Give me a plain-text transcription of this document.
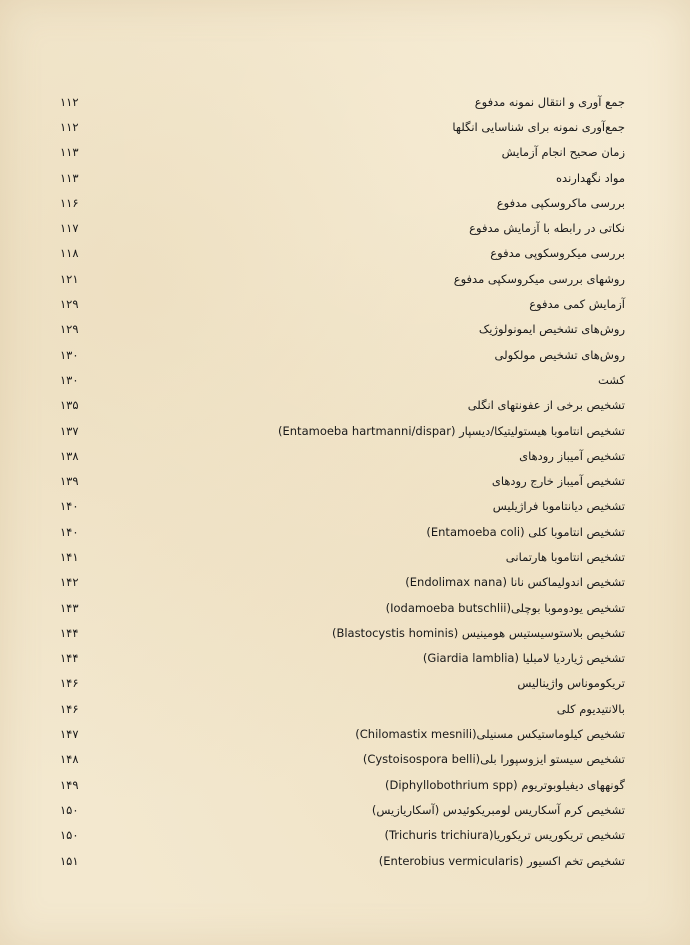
جمع آوری و انتقال نمونه مدفوع
۱۱۲
جمع‌آوری نمونه برای شناسایی انگلها
۱۱۲
زمان صحیح انجام آزمایش
۱۱۳
مواد نگهدارنده
۱۱۳
بررسی ماکروسکپی مدفوع
۱۱۶
نکاتی در رابطه با آزمایش مدفوع
۱۱۷
بررسی میکروسکوپی مدفوع
۱۱۸
روشهای بررسی میکروسکپی مدفوع
۱۲۱
آزمایش کمی مدفوع
۱۲۹
روش‌های تشخیص ایمونولوژیک
۱۲۹
روش‌های تشخیص مولکولی
۱۳۰
کشت
۱۳۰
تشخیص برخی از عفونتهای انگلی
۱۳۵
تشخیص انتاموبا هیستولیتیکا/دیسپار (Entamoeba hartmanni/dispar)
۱۳۷
تشخیص آمیباز رودهای
۱۳۸
تشخیص آمیباز خارج رودهای
۱۳۹
تشخیص دیانتاموبا فراژیلیس
۱۴۰
تشخیص انتاموبا کلی (Entamoeba coli)
۱۴۰
تشخیص انتاموبا هارتمانی
۱۴۱
تشخیص اندولیماکس نانا (Endolimax nana)
۱۴۲
تشخیص یودوموبا بوچلی(Iodamoeba butschlii)
۱۴۳
تشخیص بلاستوسیستیس هومینیس (Blastocystis hominis)
۱۴۴
تشخیص ژیاردیا لامبلیا (Giardia lamblia)
۱۴۴
تریکوموناس واژینالیس
۱۴۶
بالانتیدیوم کلی
۱۴۶
تشخیص کیلوماستیکس مسنیلی(Chilomastix mesnili)
۱۴۷
تشخیص سیستو ایزوسپورا بلی(Cystoisospora belli)
۱۴۸
گونههای دیفیلوبوتریوم (Diphyllobothrium spp)
۱۴۹
تشخیص کرم آسکاریس لومبریکوئیدس (آسکاریازیس)
۱۵۰
تشخیص تریکوریس تریکوریا(Trichuris trichiura)
۱۵۰
تشخیص تخم اکسیور (Enterobius vermicularis)
۱۵۱
